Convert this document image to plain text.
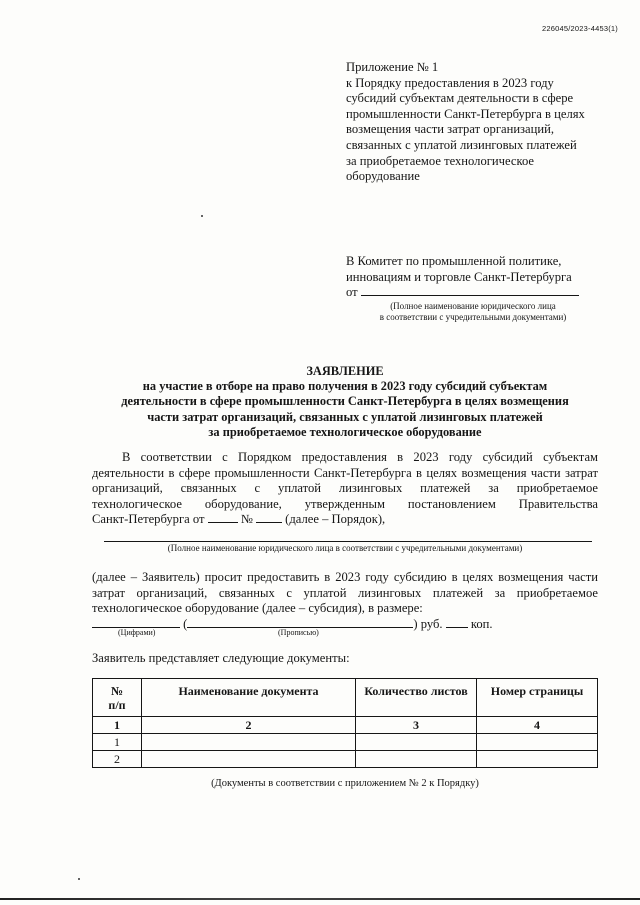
226045/2023-4453(1)
Приложение № 1
к Порядку предоставления в 2023 году
субсидий субъектам деятельности в сфере
промышленности Санкт-Петербурга в целях
возмещения части затрат организаций,
связанных с уплатой лизинговых платежей
за приобретаемое технологическое
оборудование
В Комитет по промышленной политике,
инновациям и торговле Санкт-Петербурга
от
(Полное наименование юридического лица
в соответствии с учредительными документами)
ЗАЯВЛЕНИЕ
на участие в отборе на право получения в 2023 году субсидий субъектам
деятельности в сфере промышленности Санкт-Петербурга в целях возмещения
части затрат организаций, связанных с уплатой лизинговых платежей
за приобретаемое технологическое оборудование
В соответствии с Порядком предоставления в 2023 году субсидий субъектам
деятельности в сфере промышленности Санкт-Петербурга в целях возмещения части затрат
организаций, связанных с уплатой лизинговых платежей за приобретаемое
технологическое оборудование, утвержденным постановлением Правительства
Санкт-Петербурга от	№	(далее – Порядок),
(Полное наименование юридического лица в соответствии с учредительными документами)
(далее – Заявитель) просит предоставить в 2023 году субсидию в целях возмещения части
затрат организаций, связанных с уплатой лизинговых платежей за приобретаемое
технологическое оборудование (далее – субсидия), в размере:
(	) руб. коп.
(Цифрами)	(Прописью)
Заявитель представляет следующие документы:
№
п/п	Наименование документа	Количество листов	Номер страницы
1	2	3	4
1			
2			
(Документы в соответствии с приложением № 2 к Порядку)
